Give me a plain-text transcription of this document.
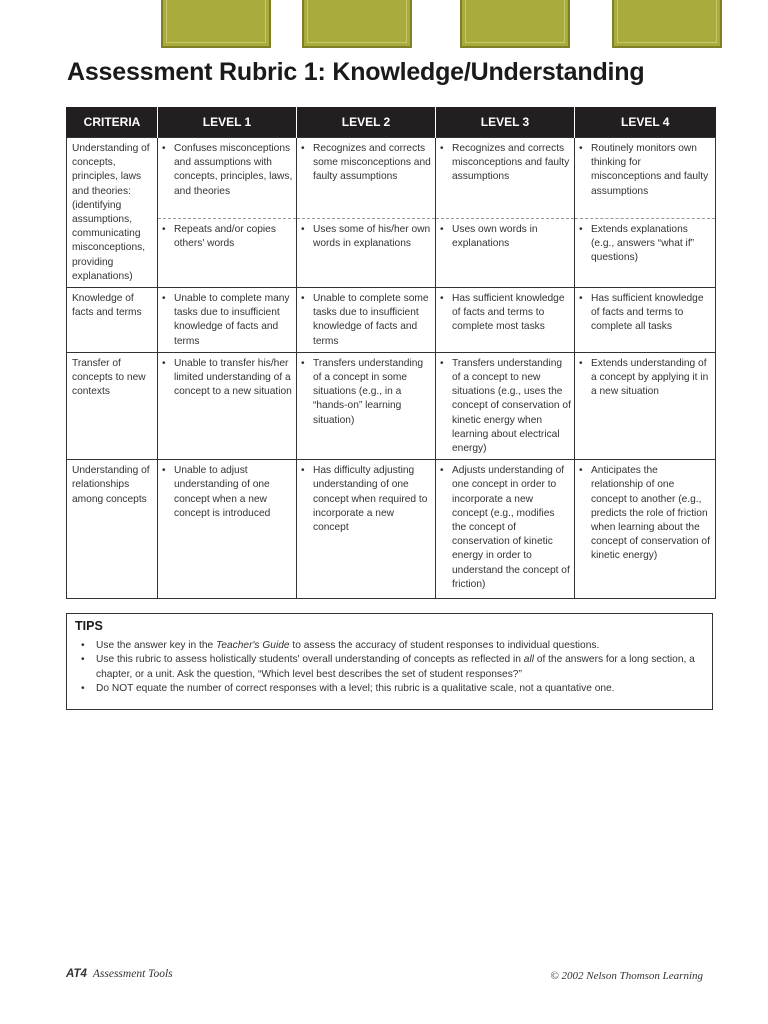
Assessment Rubric 1: Knowledge/Understanding
CRITERIA	LEVEL 1	LEVEL 2	LEVEL 3	LEVEL 4
Understanding of concepts, principles, laws and theories: (identifying assumptions, communicating misconceptions, providing explanations)	• Confuses misconceptions and assumptions with concepts, principles, laws, and theories	• Recognizes and corrects some misconceptions and faulty assumptions	• Recognizes and corrects misconceptions and faulty assumptions	• Routinely monitors own thinking for misconceptions and faulty assumptions

	• Repeats and/or copies others' words	• Uses some of his/her own words in explanations	• Uses own words in explanations	• Extends explanations (e.g., answers “what if” questions)

Knowledge of facts and terms	• Unable to complete many tasks due to insufficient knowledge of facts and terms	• Unable to complete some tasks due to insufficient knowledge of facts and terms	• Has sufficient knowledge of facts and terms to complete most tasks	• Has sufficient knowledge of facts and terms to complete all tasks

Transfer of concepts to new contexts	• Unable to transfer his/her limited understanding of a concept to a new situation	• Transfers understanding of a concept in some situations (e.g., in a “hands-on” learning situation)	• Transfers understanding of a concept to new situations (e.g., uses the concept of conservation of kinetic energy when learning about electrical energy)	• Extends understanding of a concept by applying it in a new situation

Understanding of relationships among concepts	• Unable to adjust understanding of one concept when a new concept is introduced	• Has difficulty adjusting understanding of one concept when required to incorporate a new concept	• Adjusts understanding of one concept in order to incorporate a new concept (e.g., modifies the concept of conservation of kinetic energy in order to understand the concept of friction)	• Anticipates the relationship of one concept to another (e.g., predicts the role of friction when learning about the concept of conservation of kinetic energy)
TIPS
•	Use the answer key in the Teacher's Guide to assess the accuracy of student responses to individual questions.
•	Use this rubric to assess holistically students' overall understanding of concepts as reflected in all of the answers for a long section, a chapter, or a unit. Ask the question, “Which level best describes the set of student responses?”
•	Do NOT equate the number of correct responses with a level; this rubric is a qualitative scale, not a quantative one.
AT4 Assessment Tools	© 2002 Nelson Thomson Learning
